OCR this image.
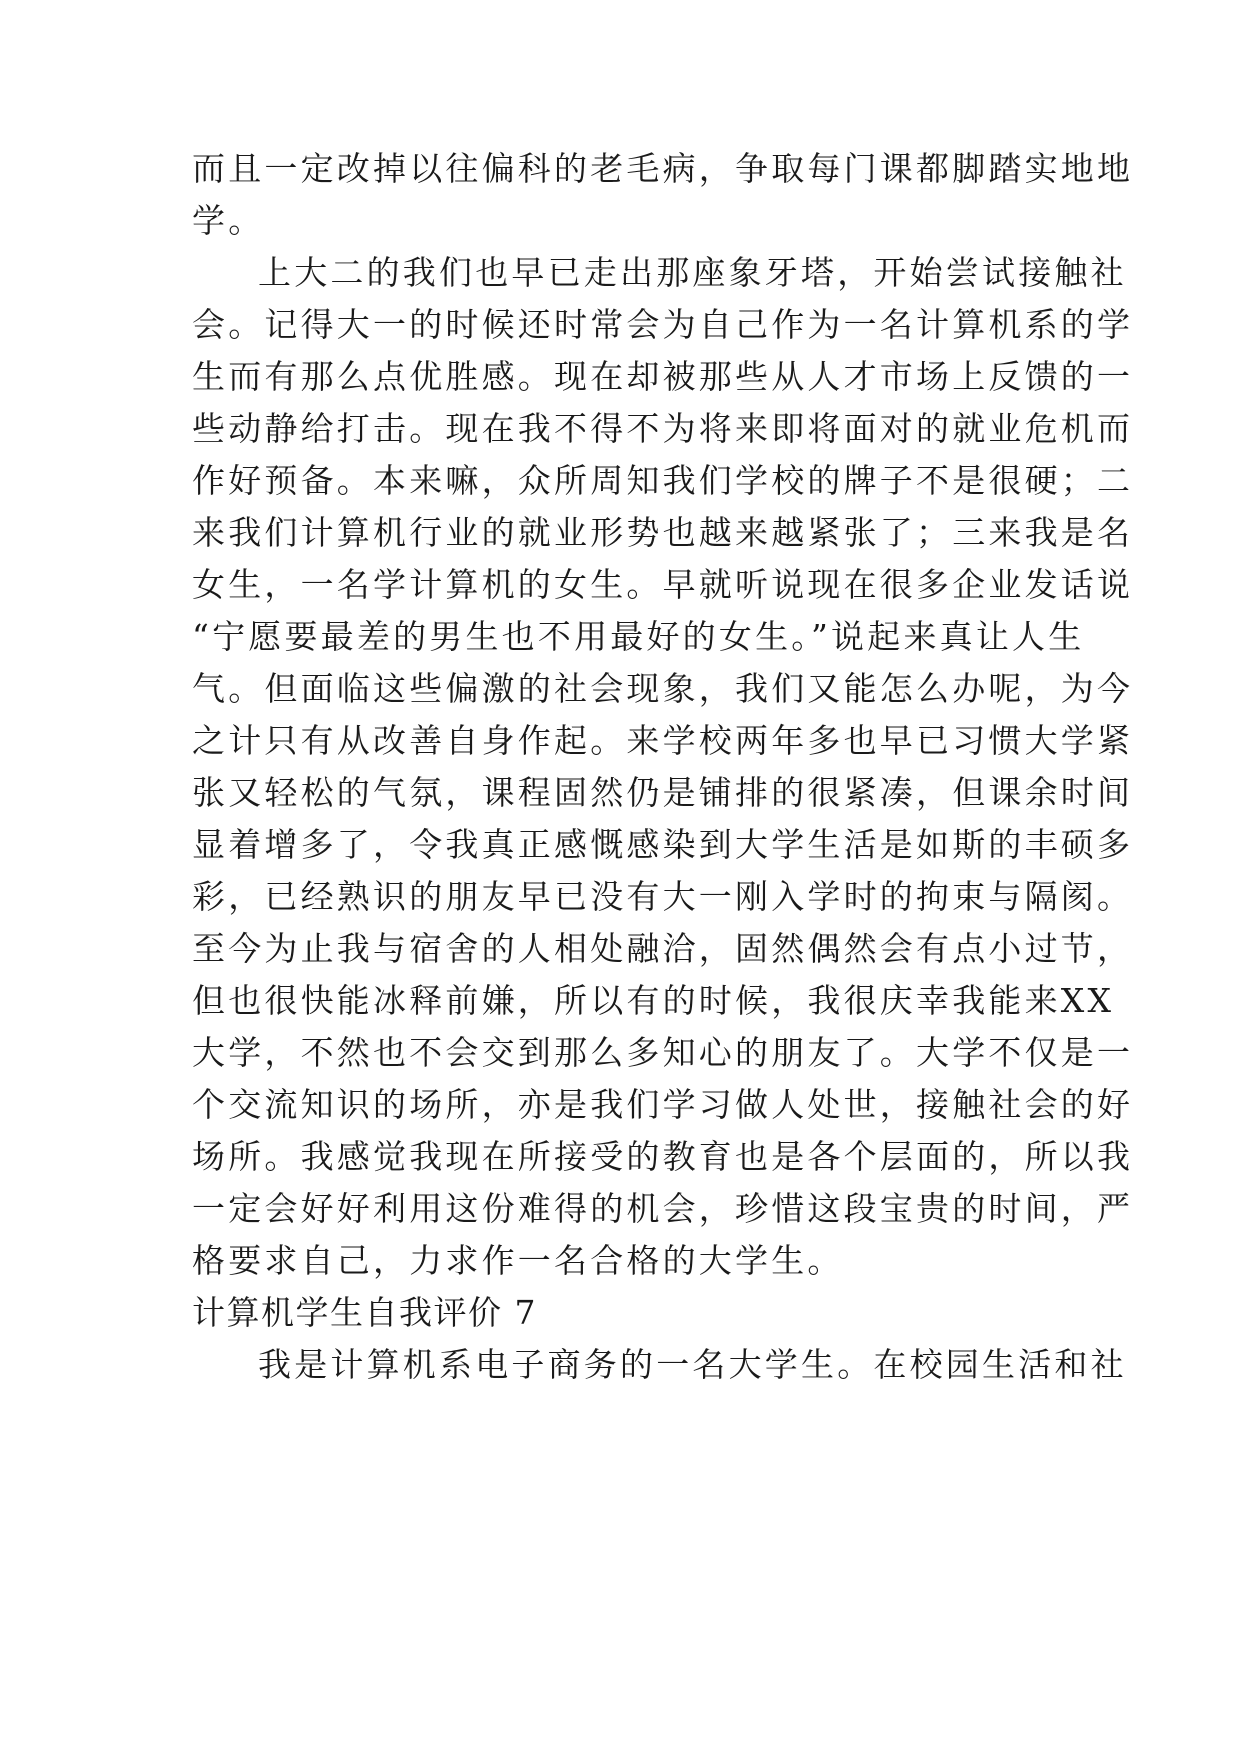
而且一定改掉以往偏科的老毛病，争取每门课都脚踏实地地
学。
上大二的我们也早已走出那座象牙塔，开始尝试接触社
会。记得大一的时候还时常会为自己作为一名计算机系的学
生而有那么点优胜感。现在却被那些从人才市场上反馈的一
些动静给打击。现在我不得不为将来即将面对的就业危机而
作好预备。本来嘛，众所周知我们学校的牌子不是很硬；二
来我们计算机行业的就业形势也越来越紧张了；三来我是名
女生，一名学计算机的女生。早就听说现在很多企业发话说
“宁愿要最差的男生也不用最好的女生。”说起来真让人生
气。但面临这些偏激的社会现象，我们又能怎么办呢，为今
之计只有从改善自身作起。来学校两年多也早已习惯大学紧
张又轻松的气氛，课程固然仍是铺排的很紧凑，但课余时间
显着增多了，令我真正感慨感染到大学生活是如斯的丰硕多
彩，已经熟识的朋友早已没有大一刚入学时的拘束与隔阂。
至今为止我与宿舍的人相处融洽，固然偶然会有点小过节，
但也很快能冰释前嫌，所以有的时候，我很庆幸我能来XX
大学，不然也不会交到那么多知心的朋友了。大学不仅是一
个交流知识的场所，亦是我们学习做人处世，接触社会的好
场所。我感觉我现在所接受的教育也是各个层面的，所以我
一定会好好利用这份难得的机会，珍惜这段宝贵的时间，严
格要求自己，力求作一名合格的大学生。
计算机学生自我评价 7
我是计算机系电子商务的一名大学生。在校园生活和社
